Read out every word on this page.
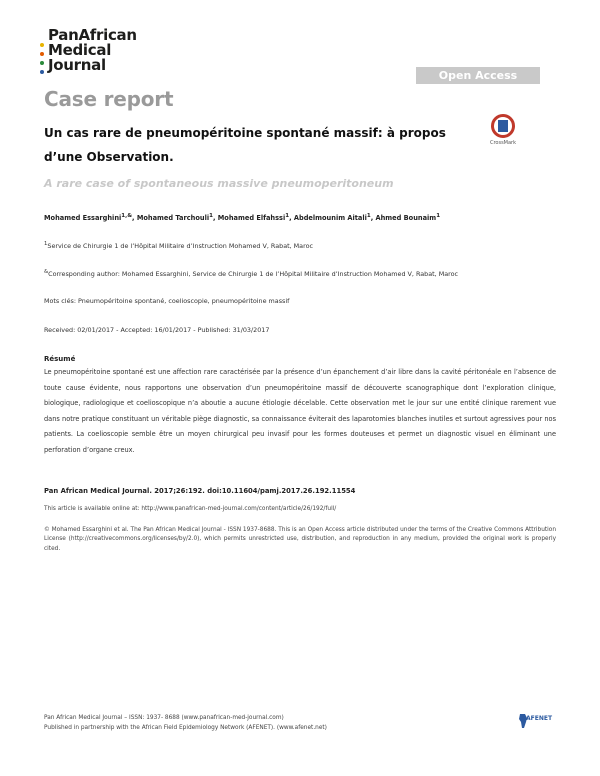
PanAfrican
Medical
Journal
Open Access
Case report
Un cas rare de pneumopéritoine spontané massif: à propos d’une Observation.
CrossMark
A rare case of spontaneous massive pneumoperitoneum
Mohamed Essarghini$^{1,\&}$, Mohamed Tarchouli$^1$, Mohamed Elfahssi$^1$, Abdelmounim Aitali$^1$, Ahmed Bounaim$^1$
$^1$Service de Chirurgie 1 de l’Hôpital Militaire d’Instruction Mohamed V, Rabat, Maroc
&Corresponding author: Mohamed Essarghini, Service de Chirurgie 1 de l’Hôpital Militaire d’Instruction Mohamed V, Rabat, Maroc
Mots clés: Pneumopéritoine spontané, coelioscopie, pneumopéritoine massif
Received: 02/01/2017 - Accepted: 16/01/2017 - Published: 31/03/2017
Résumé
Le pneumopéritoine spontané est une affection rare caractérisée par la présence d’un épanchement d’air libre dans la cavité péritonéale en l’absence de toute cause évidente, nous rapportons une observation d’un pneumopéritoine massif de découverte scanographique dont l’exploration clinique, biologique, radiologique et coelioscopique n’a aboutie a aucune étiologie décelable. Cette observation met le jour sur une entité clinique rarement vue dans notre pratique constituant un véritable piège diagnostic, sa connaissance éviterait des laparotomies blanches inutiles et surtout agressives pour nos patients. La coelioscopie semble être un moyen chirurgical peu invasif pour les formes douteuses et permet un diagnostic visuel en éliminant une perforation d’organe creux.
Pan African Medical Journal. 2017;26:192. doi:10.11604/pamj.2017.26.192.11554
This article is available online at: http://www.panafrican-med-journal.com/content/article/26/192/full/
© Mohamed Essarghini et al. The Pan African Medical Journal - ISSN 1937-8688. This is an Open Access article distributed under the terms of the Creative Commons Attribution License (http://creativecommons.org/licenses/by/2.0), which permits unrestricted use, distribution, and reproduction in any medium, provided the original work is properly cited.
Pan African Medical Journal – ISSN: 1937- 8688 (www.panafrican-med-journal.com)
Published in partnership with the African Field Epidemiology Network (AFENET). (www.afenet.net)
AFENET
